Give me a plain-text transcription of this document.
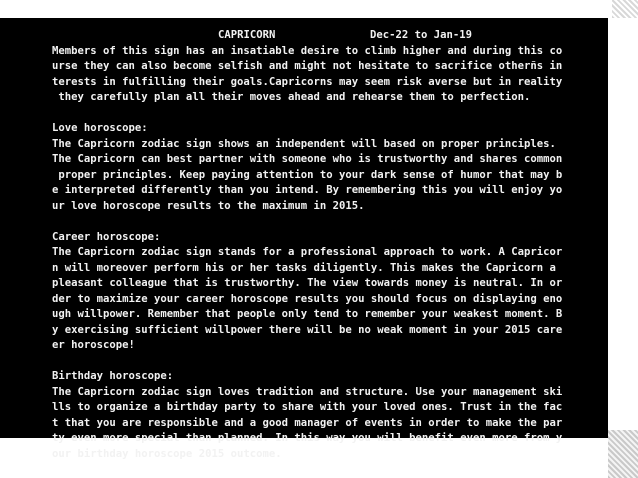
CAPRICORN	Dec-22 to Jan-19
Members of this sign has an insatiable desire to climb higher and during this co
urse they can also become selfish and might not hesitate to sacrifice otherñs in
terests in fulfilling their goals.Capricorns may seem risk averse but in reality
they carefully plan all their moves ahead and rehearse them to perfection.
Love horoscope:
The Capricorn zodiac sign shows an independent will based on proper principles.
The Capricorn can best partner with someone who is trustworthy and shares common
proper principles. Keep paying attention to your dark sense of humor that may b
e interpreted differently than you intend. By remembering this you will enjoy yo
ur love horoscope results to the maximum in 2015.
Career horoscope:
The Capricorn zodiac sign stands for a professional approach to work. A Capricor
n will moreover perform his or her tasks diligently. This makes the Capricorn a
pleasant colleague that is trustworthy. The view towards money is neutral. In or
der to maximize your career horoscope results you should focus on displaying eno
ugh willpower. Remember that people only tend to remember your weakest moment. B
y exercising sufficient willpower there will be no weak moment in your 2015 care
er horoscope!
Birthday horoscope:
The Capricorn zodiac sign loves tradition and structure. Use your management ski
lls to organize a birthday party to share with your loved ones. Trust in the fac
t that you are responsible and a good manager of events in order to make the par
ty even more special than planned. In this way you will benefit even more from y
our birthday horoscope 2015 outcome.
